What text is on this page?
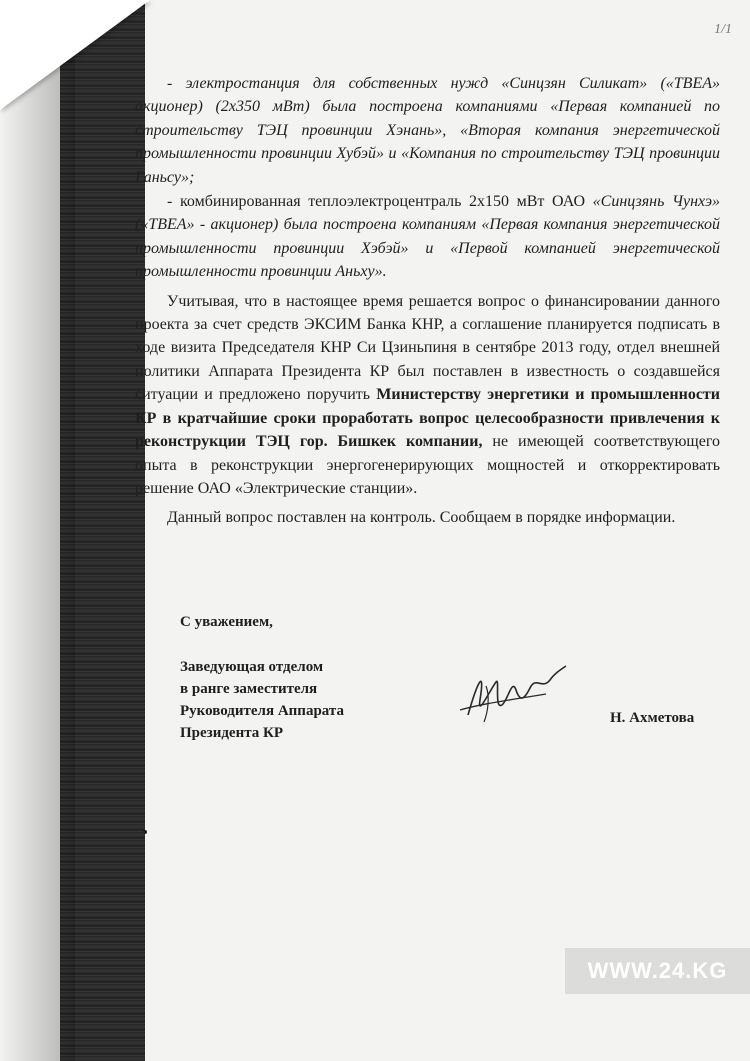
1/1

- электростанция для собственных нужд «Синцзян Силикат» («ТВЕА» акционер) (2х350 мВт) была построена компаниями «Первая компанией по строительству ТЭЦ провинции Хэнань», «Вторая компания энергетической промышленности провинции Хубэй» и «Компания по строительству ТЭЦ провинции Ганьсу»;

- комбинированная теплоэлектроцентраль 2х150 мВт ОАО «Синцзянь Чунхэ» («ТВЕА» - акционер) была построена компаниям «Первая компания энергетической промышленности провинции Хэбэй» и «Первой компанией энергетической промышленности провинции Аньху».

Учитывая, что в настоящее время решается вопрос о финансировании данного проекта за счет средств ЭКСИМ Банка КНР, а соглашение планируется подписать в ходе визита Председателя КНР Си Цзиньпиня в сентябре 2013 году, отдел внешней политики Аппарата Президента КР был поставлен в известность о создавшейся ситуации и предложено поручить Министерству энергетики и промышленности КР в кратчайшие сроки проработать вопрос целесообразности привлечения к реконструкции ТЭЦ гор. Бишкек компании, не имеющей соответствующего опыта в реконструкции энергогенерирующих мощностей и откорректировать решение ОАО «Электрические станции».

Данный вопрос поставлен на контроль. Сообщаем в порядке информации.

С уважением,
Заведующая отделом
в ранге заместителя
Руководителя Аппарата
Президента КР
Н. Ахметова
WWW.24.KG
